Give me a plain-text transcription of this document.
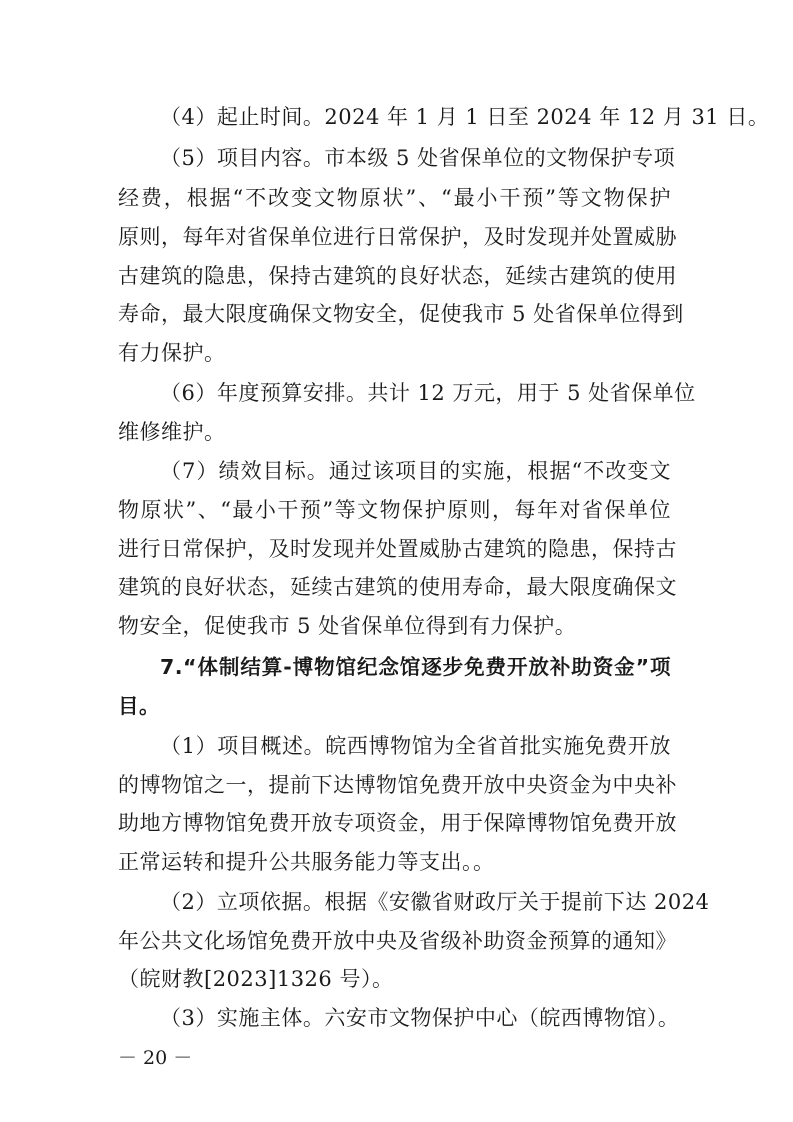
（4）起止时间。2024 年 1 月 1 日至 2024 年 12 月 31 日。
（5）项目内容。市本级 5 处省保单位的文物保护专项
经费，根据“不改变文物原状”、“最小干预”等文物保护
原则，每年对省保单位进行日常保护，及时发现并处置威胁
古建筑的隐患，保持古建筑的良好状态，延续古建筑的使用
寿命，最大限度确保文物安全，促使我市 5 处省保单位得到
有力保护。
（6）年度预算安排。共计 12 万元，用于 5 处省保单位
维修维护。
（7）绩效目标。通过该项目的实施，根据“不改变文
物原状”、“最小干预”等文物保护原则，每年对省保单位
进行日常保护，及时发现并处置威胁古建筑的隐患，保持古
建筑的良好状态，延续古建筑的使用寿命，最大限度确保文
物安全，促使我市 5 处省保单位得到有力保护。
7.“体制结算-博物馆纪念馆逐步免费开放补助资金”项
目。
（1）项目概述。皖西博物馆为全省首批实施免费开放
的博物馆之一，提前下达博物馆免费开放中央资金为中央补
助地方博物馆免费开放专项资金，用于保障博物馆免费开放
正常运转和提升公共服务能力等支出。。
（2）立项依据。根据《安徽省财政厅关于提前下达 2024
年公共文化场馆免费开放中央及省级补助资金预算的通知》
（皖财教[2023]1326 号）。
（3）实施主体。六安市文物保护中心（皖西博物馆）。
－ 20 －
